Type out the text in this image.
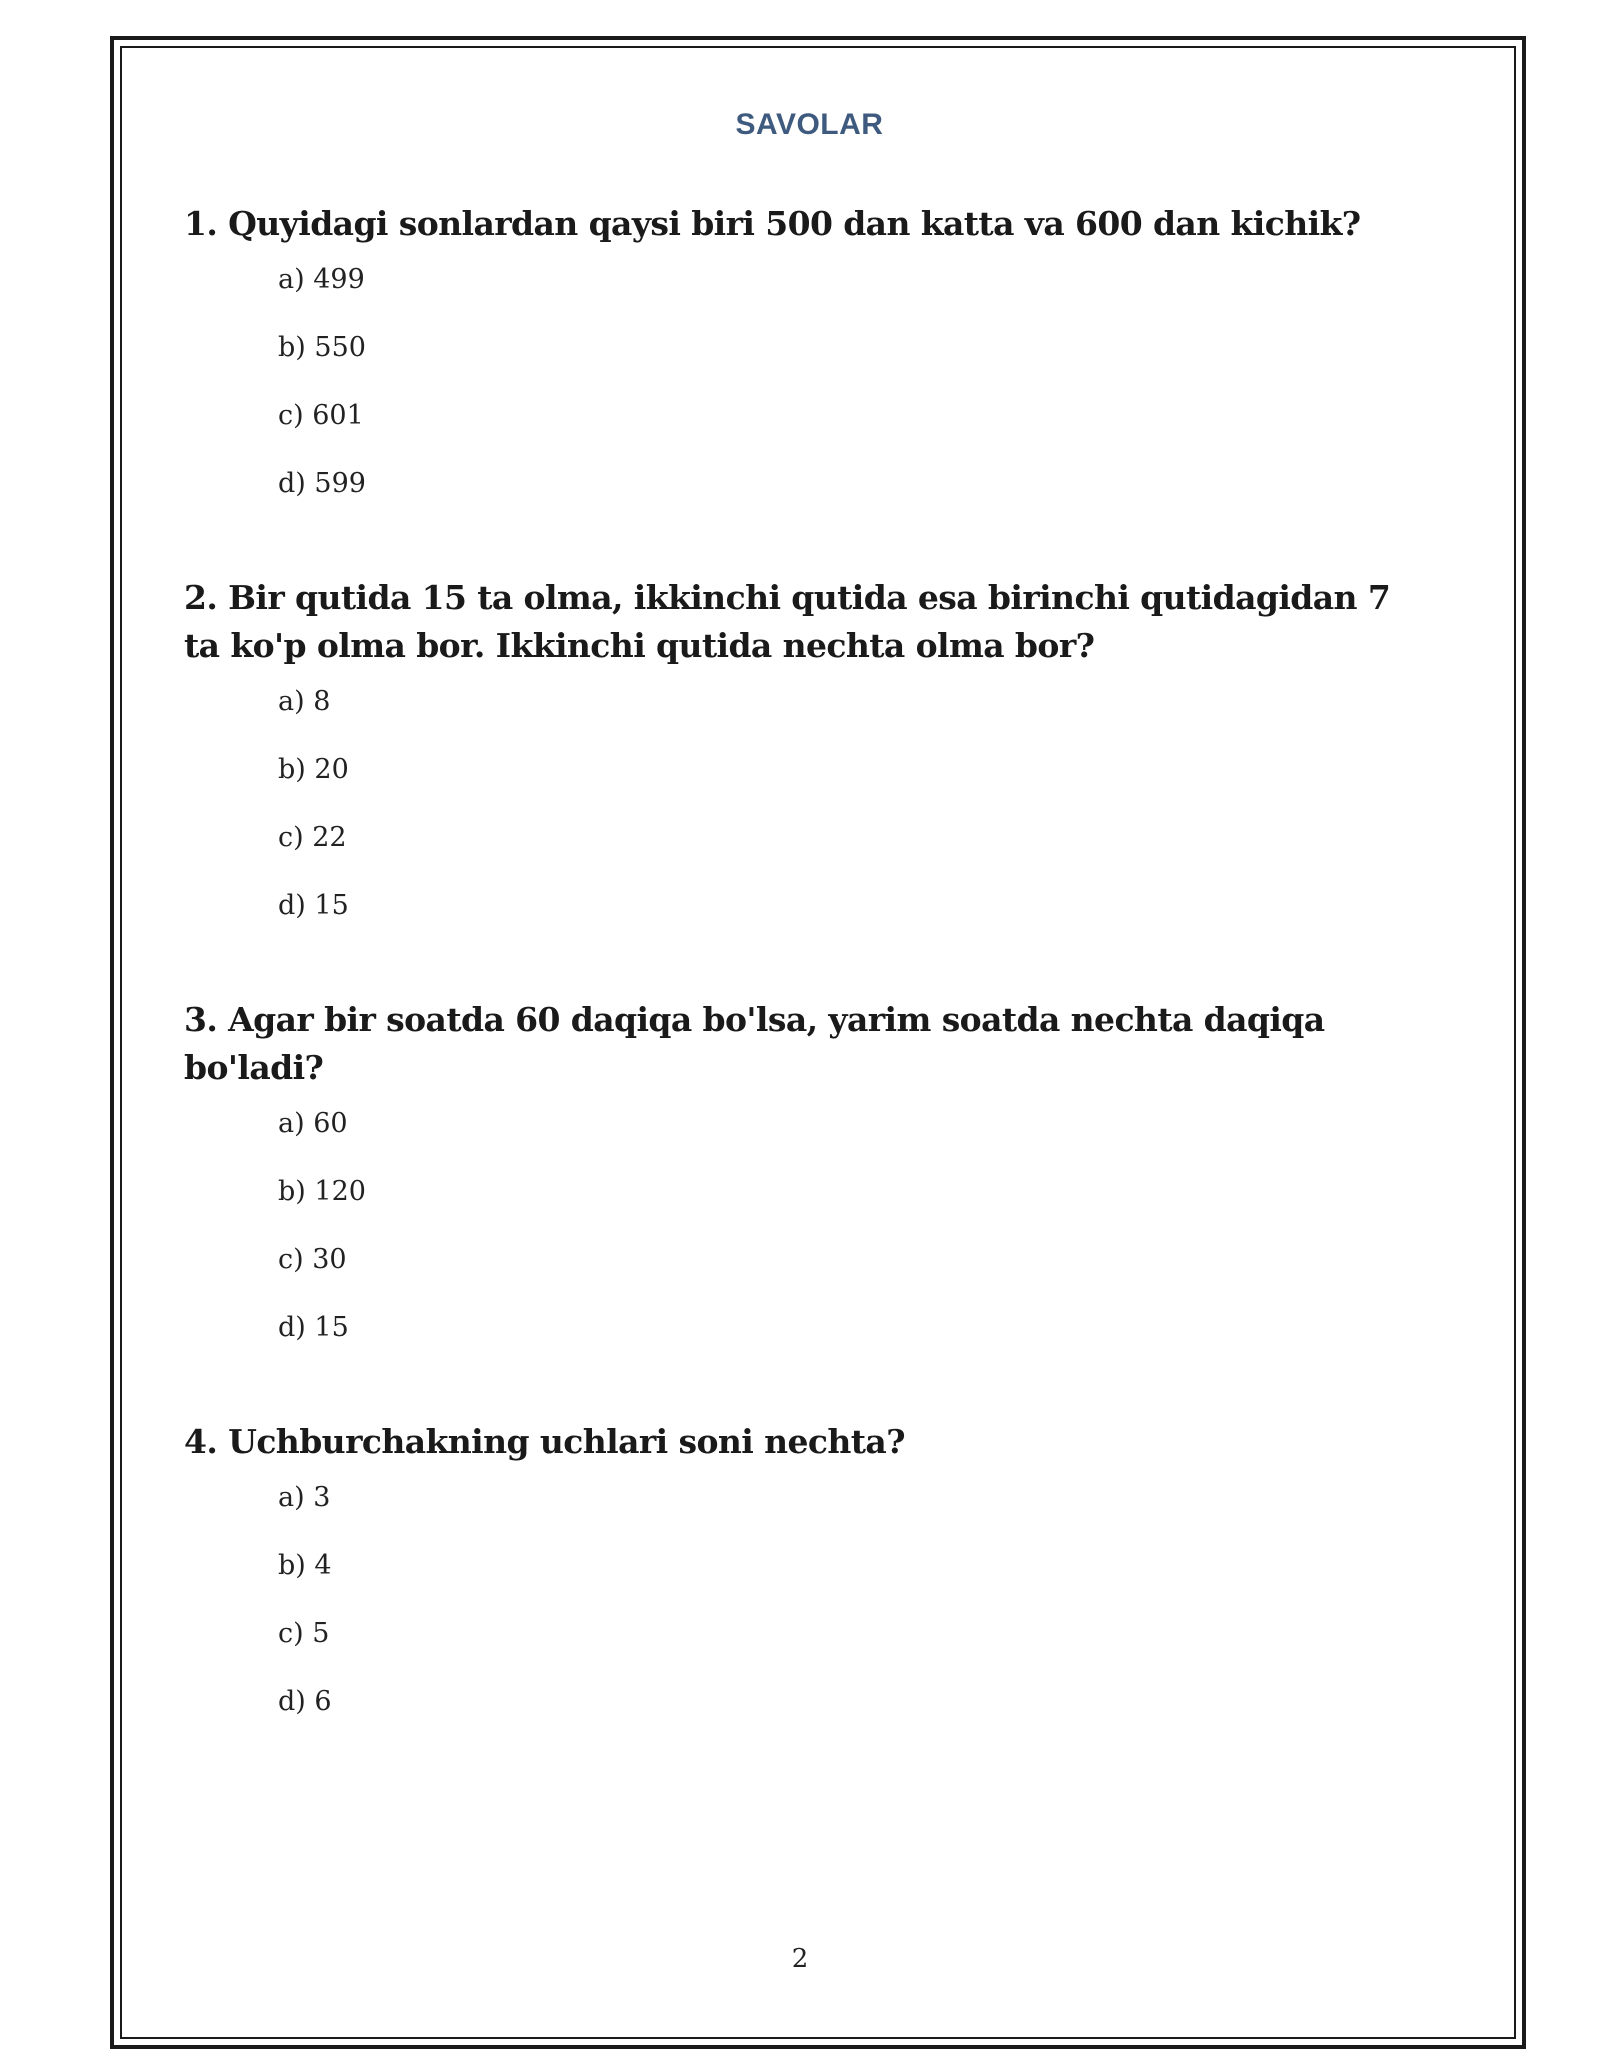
SAVOLAR
1. Quyidagi sonlardan qaysi biri 500 dan katta va 600 dan kichik?
a) 499
b) 550
c) 601
d) 599
2. Bir qutida 15 ta olma, ikkinchi qutida esa birinchi qutidagidan 7 ta ko'p olma bor. Ikkinchi qutida nechta olma bor?
a) 8
b) 20
c) 22
d) 15
3. Agar bir soatda 60 daqiqa bo'lsa, yarim soatda nechta daqiqa bo'ladi?
a) 60
b) 120
c) 30
d) 15
4. Uchburchakning uchlari soni nechta?
a) 3
b) 4
c) 5
d) 6
2
